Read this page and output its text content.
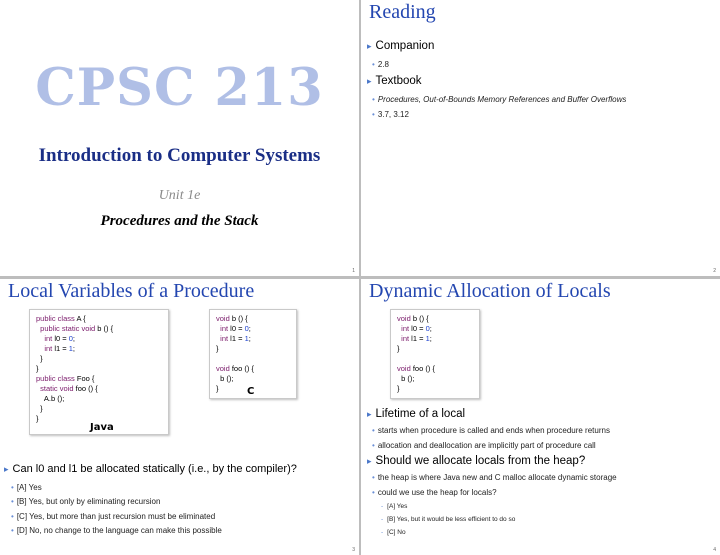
CPSC 213
Introduction to Computer Systems
Unit 1e
Procedures and the Stack
1
Reading
▸ Companion
• 2.8
▸ Textbook
• Procedures, Out-of-Bounds Memory References and Buffer Overflows
• 3.7, 3.12
2
Local Variables of a Procedure
public class A {
public static void b () {
int l0 = 0;
int l1 = 1;
}
}
public class Foo {
static void foo () {
A.b ();
}
}
Java
void b () {
int l0 = 0;
int l1 = 1;
}

void foo () {
b ();
}	C
▸ Can l0 and l1 be allocated statically (i.e., by the compiler)?
• [A] Yes
• [B] Yes, but only by eliminating recursion
• [C] Yes, but more than just recursion must be eliminated
• [D] No, no change to the language can make this possible
3
Dynamic Allocation of Locals
void b () {
int l0 = 0;
int l1 = 1;
}

void foo () {
b ();
}
▸ Lifetime of a local
• starts when procedure is called and ends when procedure returns
• allocation and deallocation are implicitly part of procedure call
▸ Should we allocate locals from the heap?
• the heap is where Java new and C malloc allocate dynamic storage
• could we use the heap for locals?
- [A] Yes
- [B] Yes, but it would be less efficient to do so
- [C] No
4
